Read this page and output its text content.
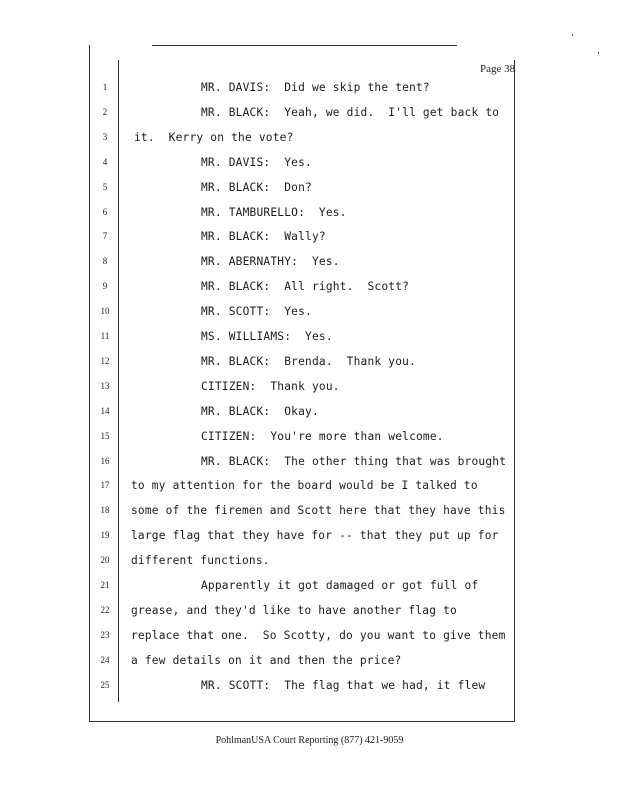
Page 38
1	MR. DAVIS:  Did we skip the tent?
2	MR. BLACK:  Yeah, we did.  I'll get back to
3	it.  Kerry on the vote?
4	MR. DAVIS:  Yes.
5	MR. BLACK:  Don?
6	MR. TAMBURELLO:  Yes.
7	MR. BLACK:  Wally?
8	MR. ABERNATHY:  Yes.
9	MR. BLACK:  All right.  Scott?
10	MR. SCOTT:  Yes.
11	MS. WILLIAMS:  Yes.
12	MR. BLACK:  Brenda.  Thank you.
13	CITIZEN:  Thank you.
14	MR. BLACK:  Okay.
15	CITIZEN:  You're more than welcome.
16	MR. BLACK:  The other thing that was brought
17	to my attention for the board would be I talked to
18	some of the firemen and Scott here that they have this
19	large flag that they have for -- that they put up for
20	different functions.
21	Apparently it got damaged or got full of
22	grease, and they'd like to have another flag to
23	replace that one.  So Scotty, do you want to give them
24	a few details on it and then the price?
25	MR. SCOTT:  The flag that we had, it flew
PohlmanUSA Court Reporting (877) 421-9059
